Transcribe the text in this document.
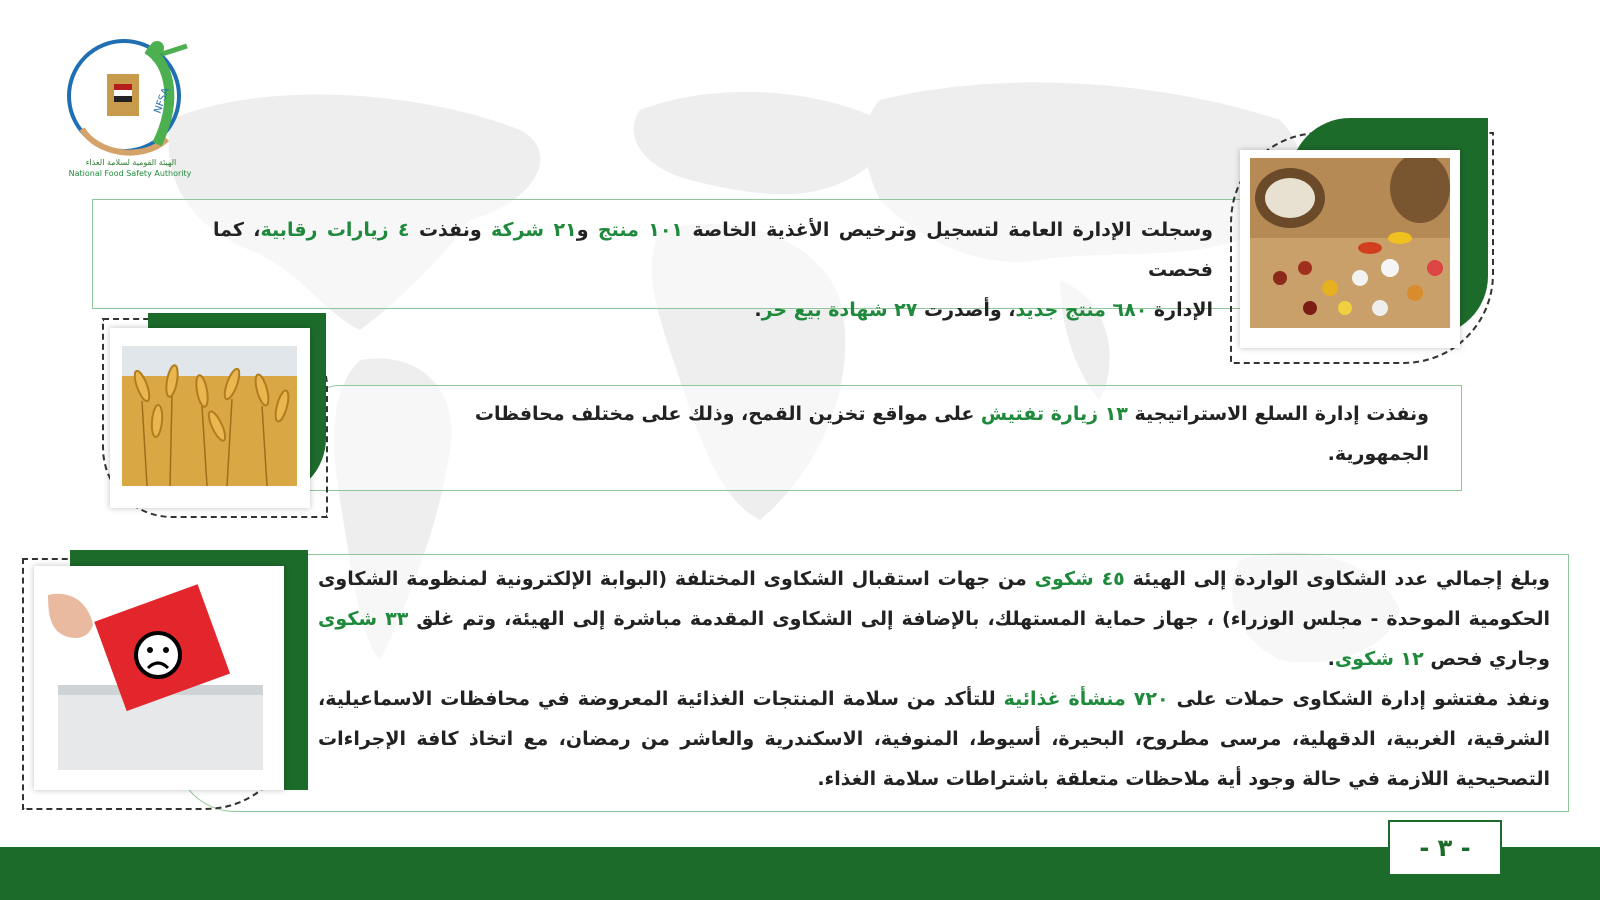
NFSA
الهيئة القومية لسلامة الغذاء
National Food Safety Authority

وسجلت الإدارة العامة لتسجيل وترخيص الأغذية الخاصة ١٠١ منتج و٢١ شركة ونفذت ٤ زيارات رقابية، كما فحصت
الإدارة ٦٨٠ منتج جديد، وأصدرت ٢٧ شهادة بيع حر.

ونفذت إدارة السلع الاستراتيجية ١٣ زيارة تفتيش على مواقع تخزين القمح، وذلك على مختلف محافظات
الجمهورية.

وبلغ إجمالي عدد الشكاوى الواردة إلى الهيئة ٤٥ شكوى من جهات استقبال الشكاوى المختلفة (البوابة الإلكترونية لمنظومة الشكاوى الحكومية الموحدة - مجلس الوزراء) ، جهاز حماية المستهلك، بالإضافة إلى الشكاوى المقدمة مباشرة إلى الهيئة، وتم غلق ٣٣ شكوى وجاري فحص ١٢ شكوى.

ونفذ مفتشو إدارة الشكاوى حملات على ٧٢٠ منشأة غذائية للتأكد من سلامة المنتجات الغذائية المعروضة في محافظات الاسماعيلية، الشرقية، الغربية، الدقهلية، مرسى مطروح، البحيرة، أسيوط، المنوفية، الاسكندرية والعاشر من رمضان، مع اتخاذ كافة الإجراءات التصحيحية اللازمة في حالة وجود أية ملاحظات متعلقة باشتراطات سلامة الغذاء.

- ٣ -
